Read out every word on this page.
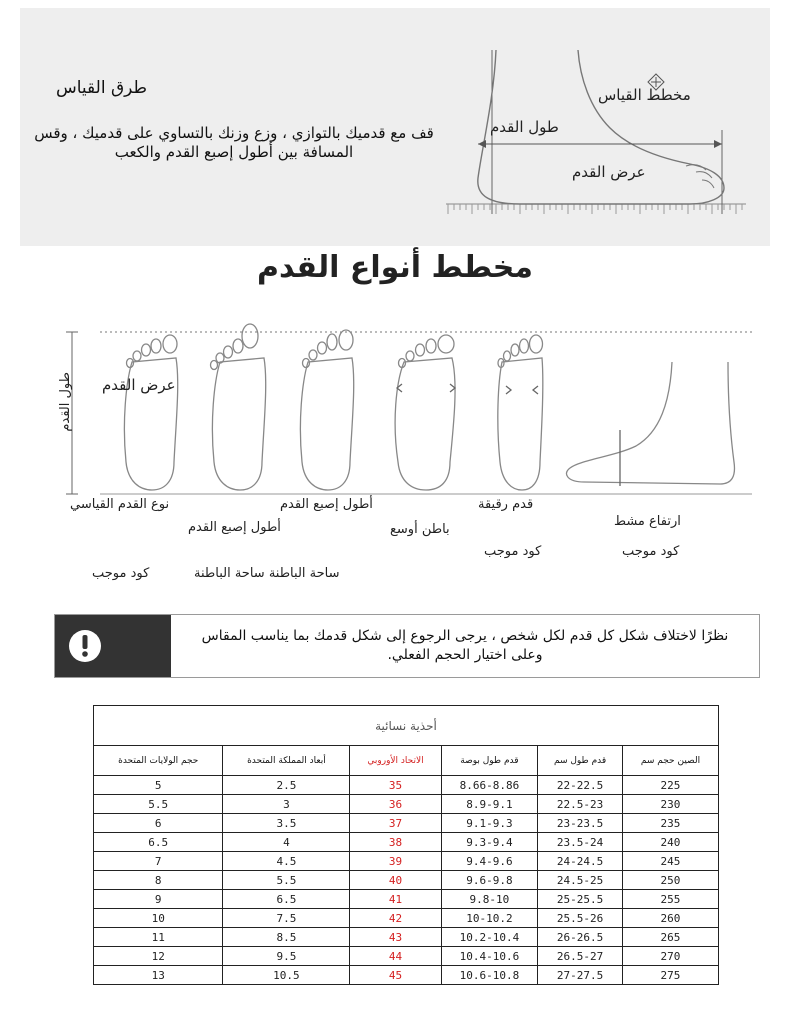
طرق القياس
قف مع قدميك بالتوازي ، وزع وزنك بالتساوي على قدميك ، وقس المسافة بين أطول إصبع القدم والكعب
مخطط القياس
طول القدم
عرض القدم
مخطط أنواع القدم
طول القدم عرض القدم
نوع القدم القياسي
أطول إصبع القدم
أطول إصبع القدم
باطن أوسع
قدم رقيقة
ارتفاع مشط
كود موجب	كود موجب
كود موجب	ساحة الباطنة ساحة الباطنة
نظرًا لاختلاف شكل كل قدم لكل شخص ، يرجى الرجوع إلى شكل قدمك بما يناسب المقاس وعلى اختيار الحجم الفعلي.
أحذية نسائية					
حجم الولايات المتحدة	أبعاد المملكة المتحدة	الاتحاد الأوروبي	قدم طول بوصة	قدم طول سم	الصين حجم سم
5	2.5	35	8.66-8.86	22-22.5	225
5.5	3	36	8.9-9.1	22.5-23	230
6	3.5	37	9.1-9.3	23-23.5	235
6.5	4	38	9.3-9.4	23.5-24	240
7	4.5	39	9.4-9.6	24-24.5	245
8	5.5	40	9.6-9.8	24.5-25	250
9	6.5	41	9.8-10	25-25.5	255
10	7.5	42	10-10.2	25.5-26	260
11	8.5	43	10.2-10.4	26-26.5	265
12	9.5	44	10.4-10.6	26.5-27	270
13	10.5	45	10.6-10.8	27-27.5	275
